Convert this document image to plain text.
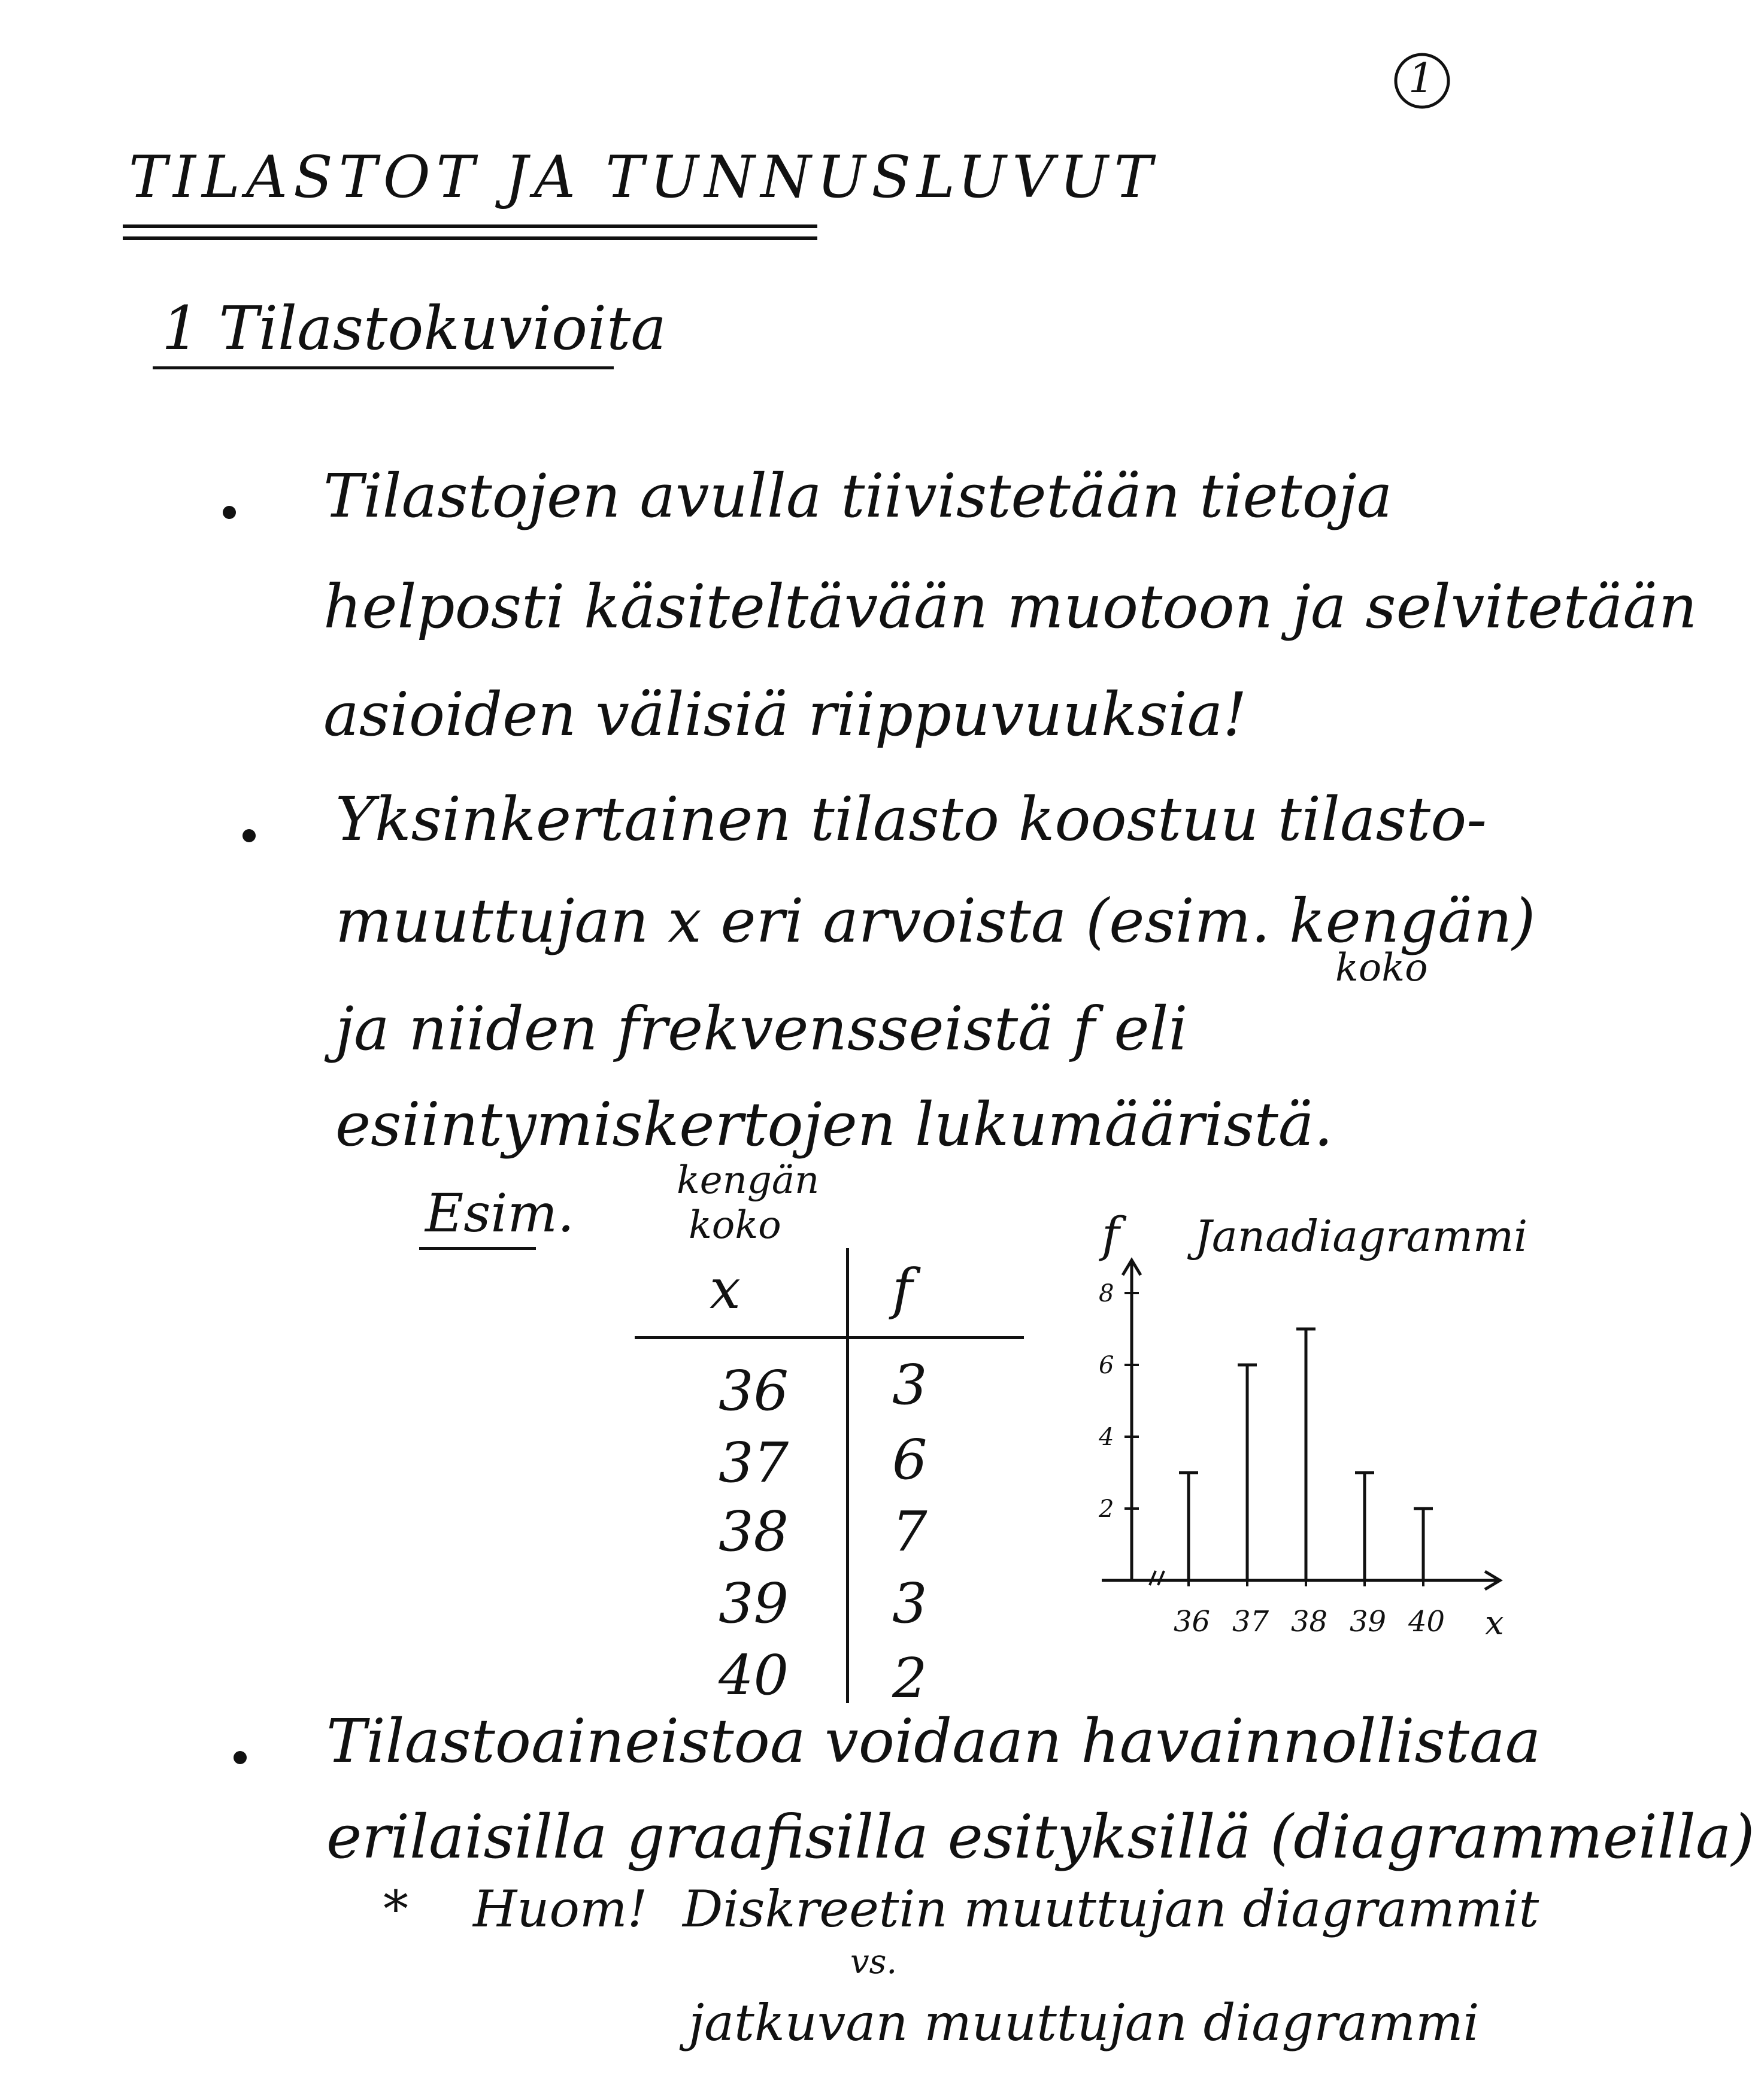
1
TILASTOT JA TUNNUSLUVUT
1 Tilastokuvioita
Tilastojen avulla tiivistetään tietoja
helposti käsiteltävään muotoon ja selvitetään
asioiden välisiä riippuvuuksia!
Yksinkertainen tilasto koostuu tilasto-
muuttujan x eri arvoista (esim. kengän)
koko
ja niiden frekvensseistä f eli
esiintymiskertojen lukumääristä.
Esim.
kengän
koko
x	f
36 3
37 6
38 7
39 3
40 2
Janadiagrammi
f
x
2
4
6
8
36 37 38 39 40
Tilastoaineistoa voidaan havainnollistaa
erilaisilla graafisilla esityksillä (diagrammeilla)
* Huom! Diskreetin muuttujan diagrammit
vs.
jatkuvan muuttujan diagrammi
